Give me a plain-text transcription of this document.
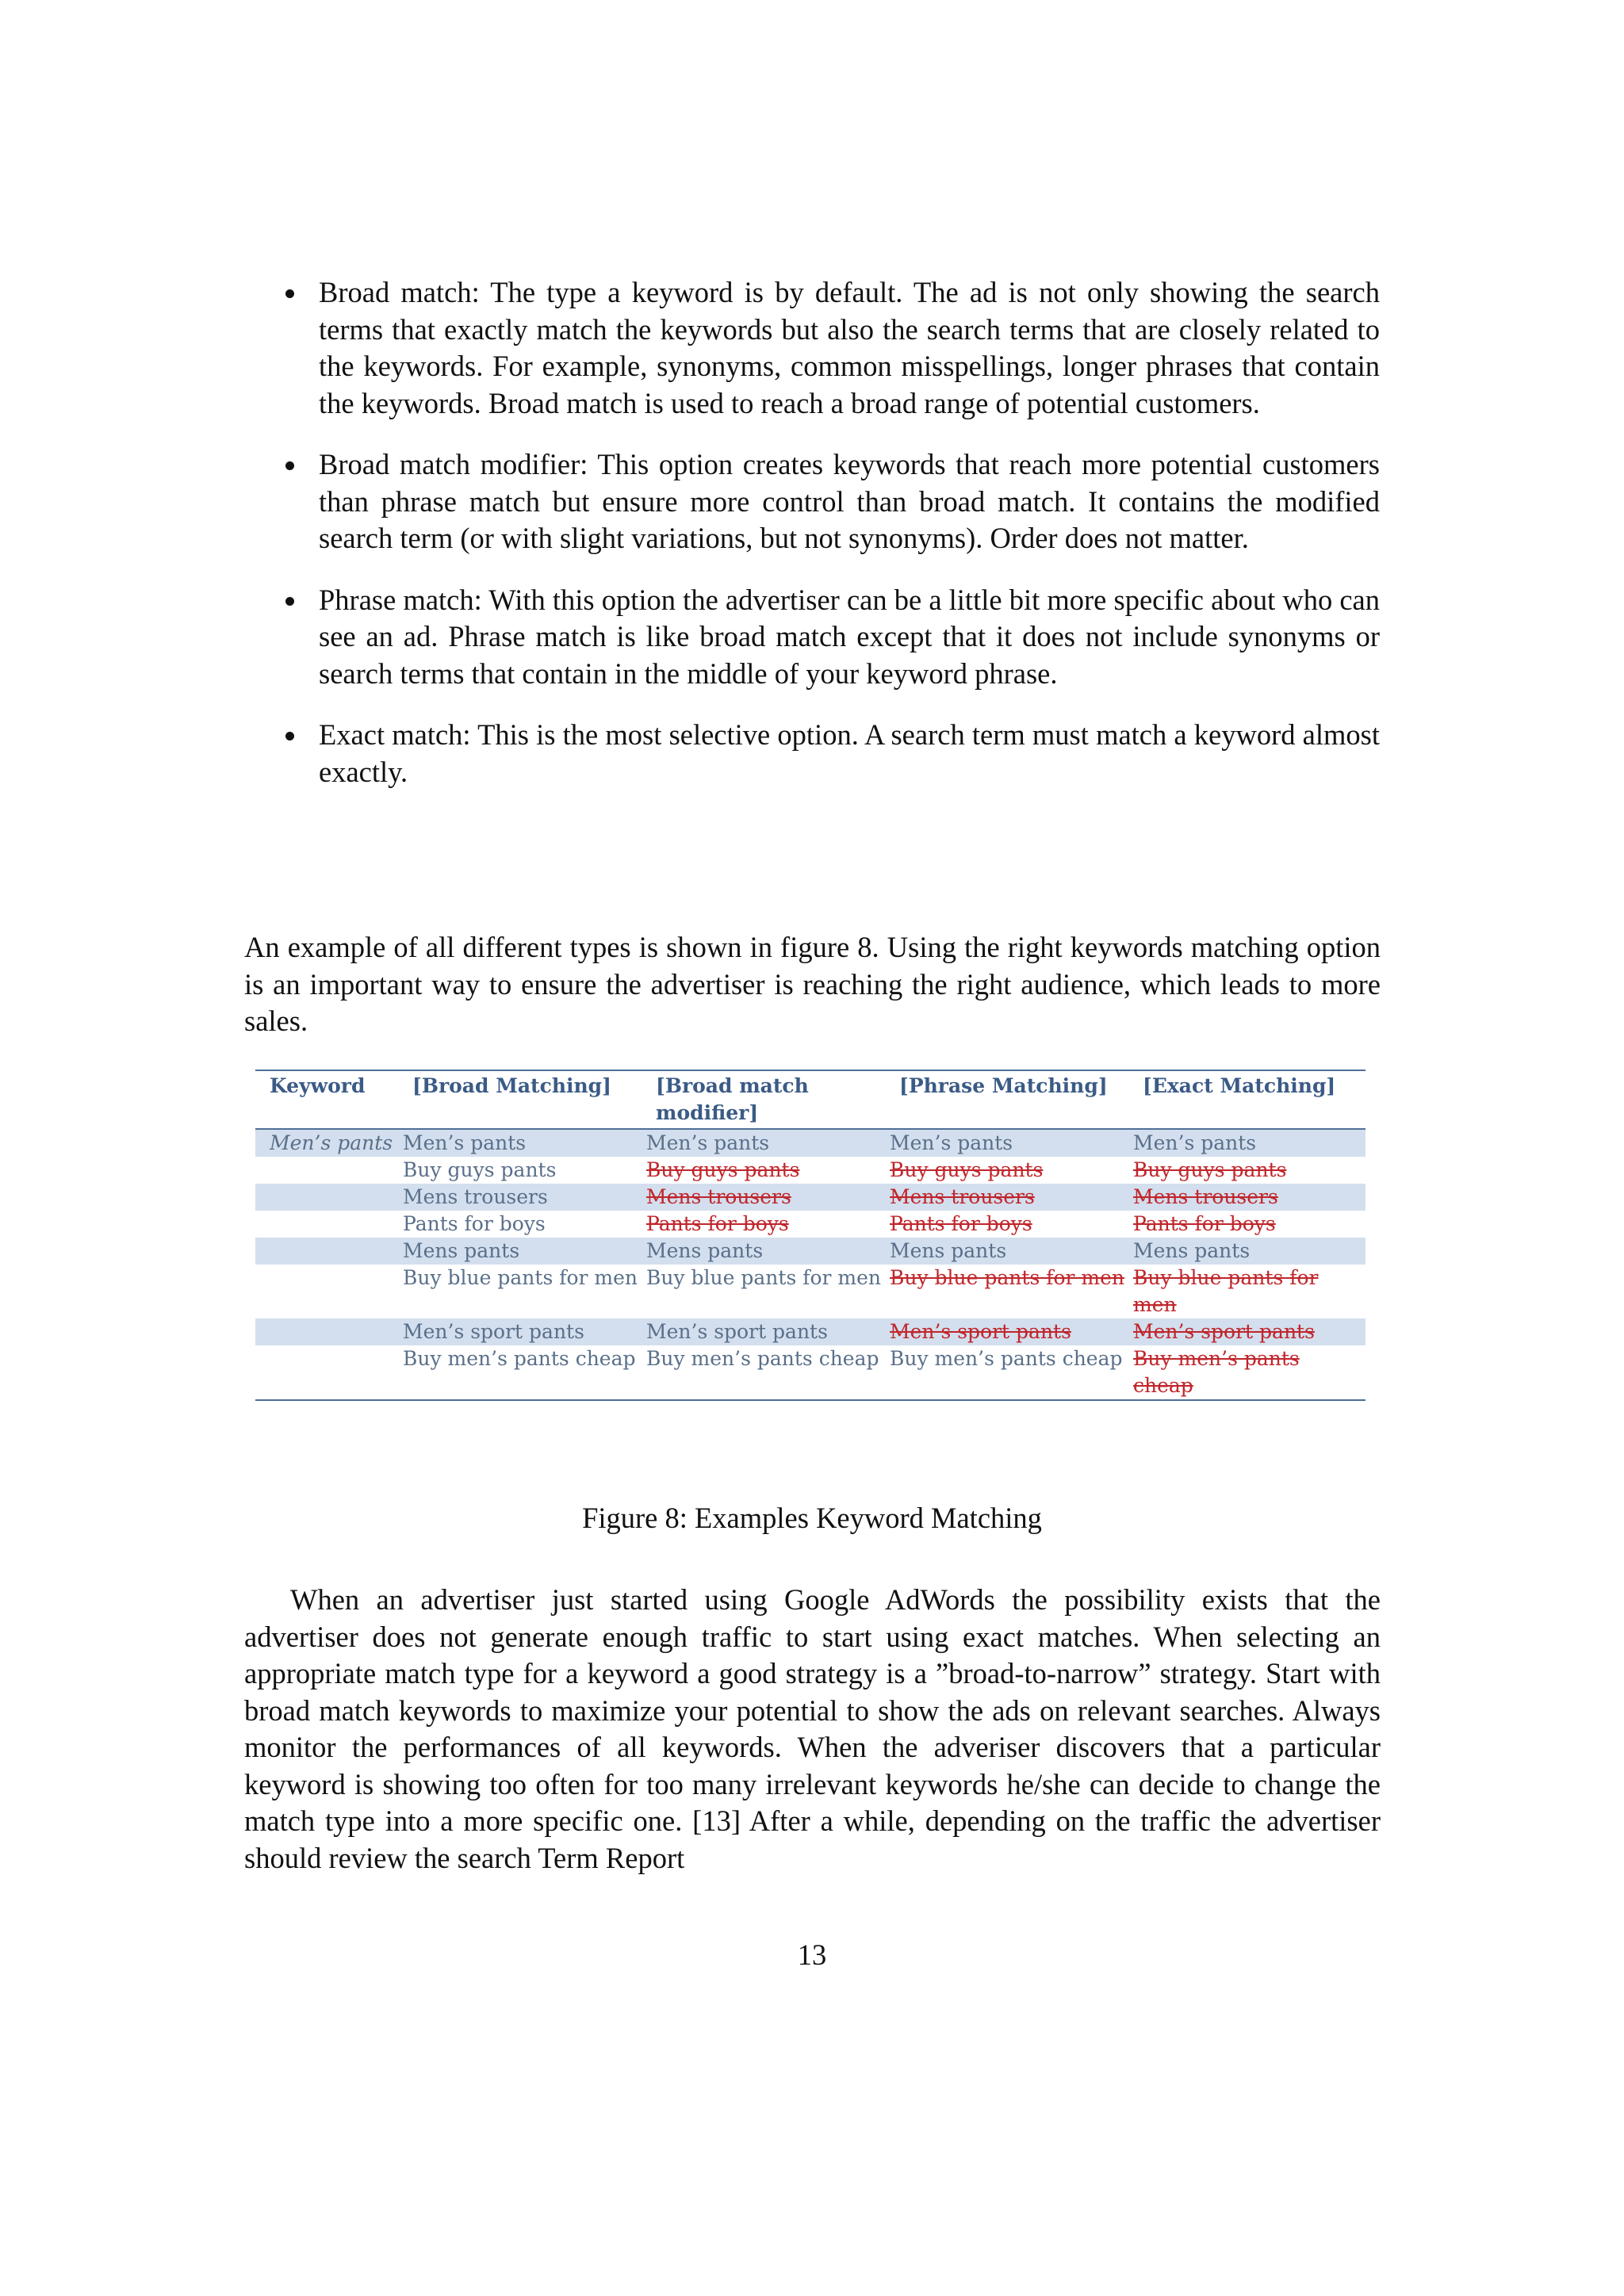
Broad match: The type a keyword is by default. The ad is not only showing the search terms that exactly match the keywords but also the search terms that are closely related to the keywords. For example, synonyms, common misspellings, longer phrases that contain the keywords. Broad match is used to reach a broad range of potential customers.
Broad match modifier: This option creates keywords that reach more potential customers than phrase match but ensure more control than broad match. It contains the modified search term (or with slight variations, but not synonyms). Order does not matter.
Phrase match: With this option the advertiser can be a little bit more specific about who can see an ad. Phrase match is like broad match except that it does not include synonyms or search terms that contain in the middle of your keyword phrase.
Exact match: This is the most selective option. A search term must match a keyword almost exactly.

An example of all different types is shown in figure 8. Using the right keywords matching option is an important way to ensure the advertiser is reaching the right audience, which leads to more sales.

Keyword	[Broad Matching]	[Broad match modifier]	[Phrase Matching]	[Exact Matching]
Men’s pants	Men’s pants	Men’s pants	Men’s pants	Men’s pants
	Buy guys pants	Buy guys pants	Buy guys pants	Buy guys pants
	Mens trousers	Mens trousers	Mens trousers	Mens trousers
	Pants for boys	Pants for boys	Pants for boys	Pants for boys
	Mens pants	Mens pants	Mens pants	Mens pants
	Buy blue pants for men	Buy blue pants for men	Buy blue pants for men	Buy blue pants for men
	Men’s sport pants	Men’s sport pants	Men’s sport pants	Men’s sport pants
	Buy men’s pants cheap	Buy men’s pants cheap	Buy men’s pants cheap	Buy men’s pants cheap
Figure 8: Examples Keyword Matching

When an advertiser just started using Google AdWords the possibility exists that the advertiser does not generate enough traffic to start using exact matches. When selecting an appropriate match type for a keyword a good strategy is a ”broad-to-narrow” strategy. Start with broad match keywords to maximize your potential to show the ads on relevant searches. Always monitor the performances of all keywords. When the adveriser discovers that a particular keyword is showing too often for too many irrelevant keywords he/she can decide to change the match type into a more specific one. [13] After a while, depending on the traffic the advertiser should review the search Term Report

13
